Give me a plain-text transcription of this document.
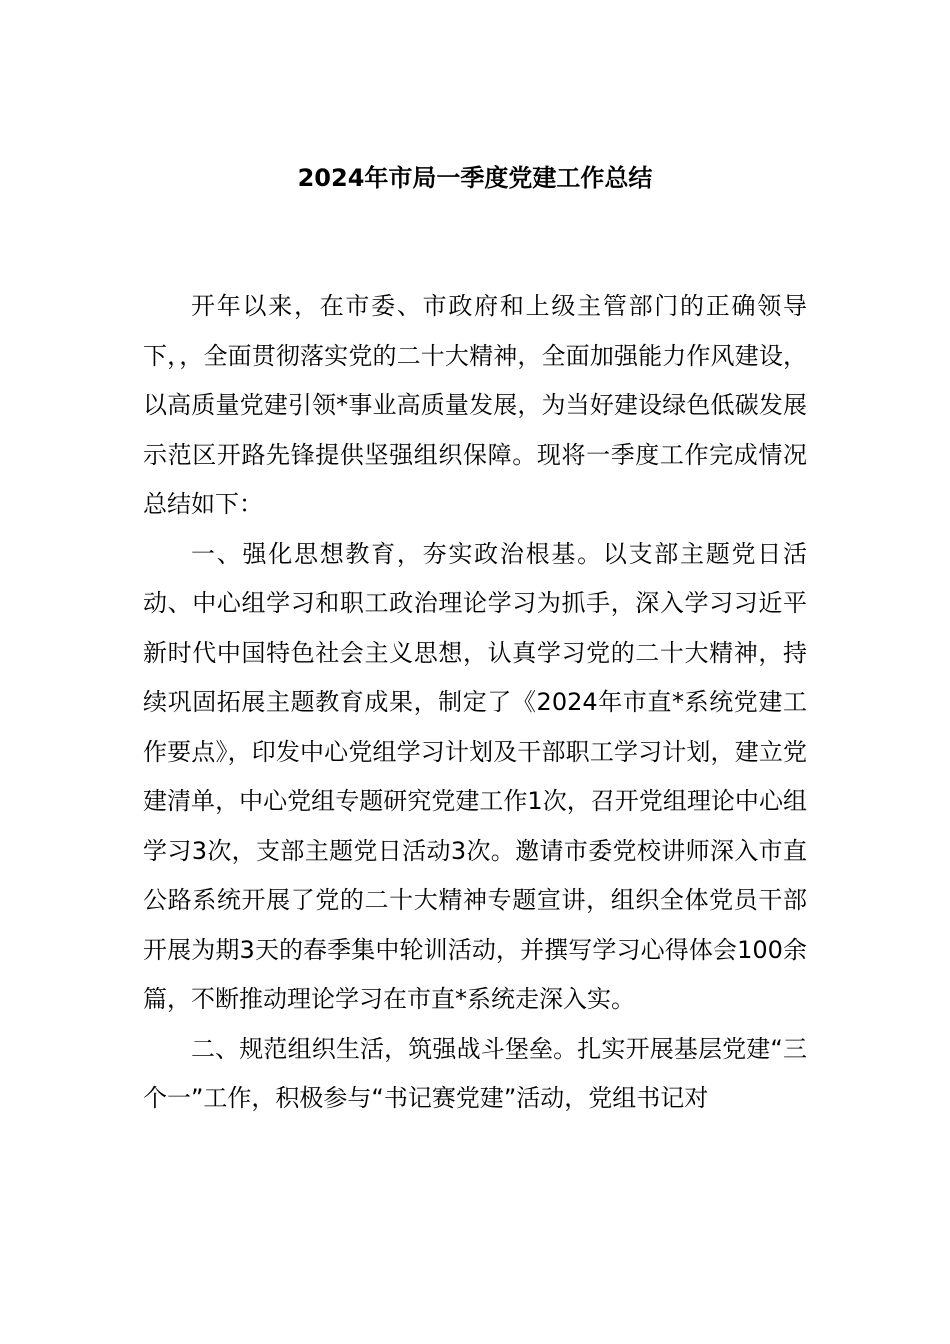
2024年市局一季度党建工作总结

开年以来，在市委、市政府和上级主管部门的正确领导下，，全面贯彻落实党的二十大精神，全面加强能力作风建设，以高质量党建引领*事业高质量发展，为当好建设绿色低碳发展示范区开路先锋提供坚强组织保障。现将一季度工作完成情况总结如下：

一、强化思想教育，夯实政治根基。以支部主题党日活动、中心组学习和职工政治理论学习为抓手，深入学习习近平新时代中国特色社会主义思想，认真学习党的二十大精神，持续巩固拓展主题教育成果，制定了《2024年市直*系统党建工作要点》，印发中心党组学习计划及干部职工学习计划，建立党建清单，中心党组专题研究党建工作1次，召开党组理论中心组学习3次，支部主题党日活动3次。邀请市委党校讲师深入市直公路系统开展了党的二十大精神专题宣讲，组织全体党员干部开展为期3天的春季集中轮训活动，并撰写学习心得体会100余篇，不断推动理论学习在市直*系统走深入实。

二、规范组织生活，筑强战斗堡垒。扎实开展基层党建“三个一”工作，积极参与“书记赛党建”活动，党组书记对
